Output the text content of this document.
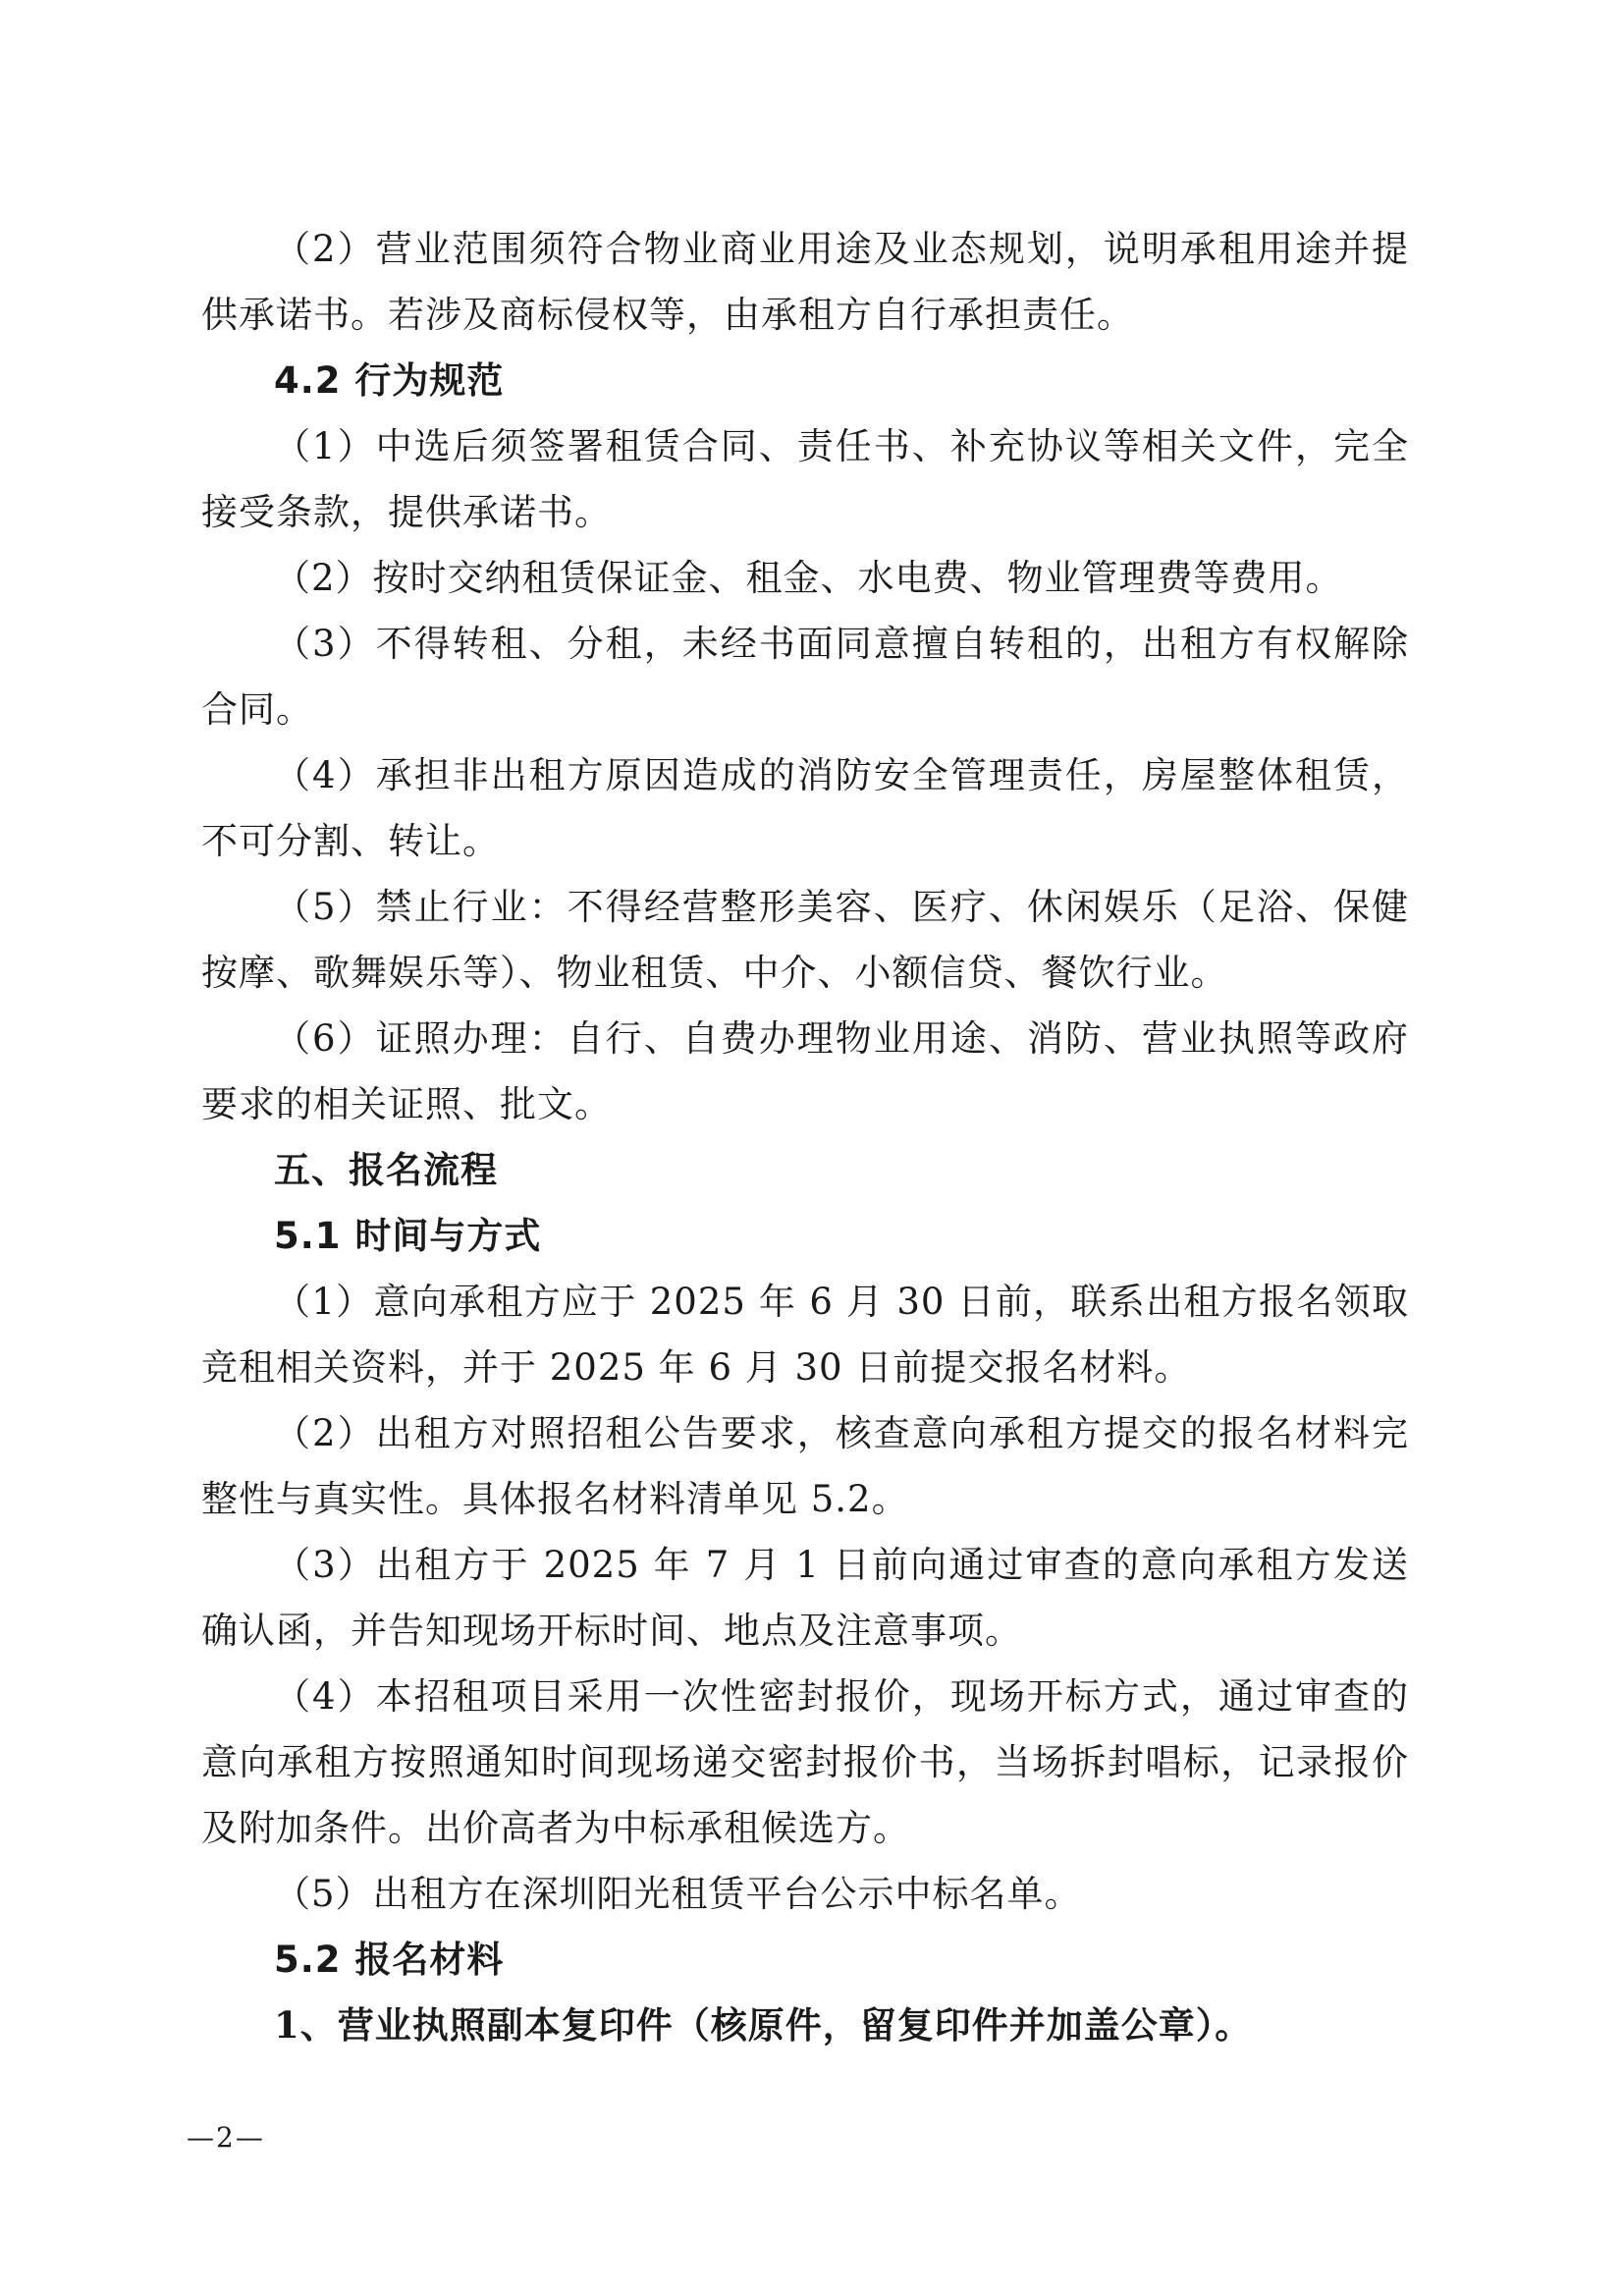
（2）营业范围须符合物业商业用途及业态规划，说明承租用途并提供承诺书。若涉及商标侵权等，由承租方自行承担责任。

4.2 行为规范

（1）中选后须签署租赁合同、责任书、补充协议等相关文件，完全接受条款，提供承诺书。

（2）按时交纳租赁保证金、租金、水电费、物业管理费等费用。

（3）不得转租、分租，未经书面同意擅自转租的，出租方有权解除合同。

（4）承担非出租方原因造成的消防安全管理责任，房屋整体租赁，不可分割、转让。

（5）禁止行业：不得经营整形美容、医疗、休闲娱乐（足浴、保健按摩、歌舞娱乐等）、物业租赁、中介、小额信贷、餐饮行业。

（6）证照办理：自行、自费办理物业用途、消防、营业执照等政府要求的相关证照、批文。

五、报名流程

5.1 时间与方式

（1）意向承租方应于 2025 年 6 月 30 日前，联系出租方报名领取竞租相关资料，并于 2025 年 6 月 30 日前提交报名材料。

（2）出租方对照招租公告要求，核查意向承租方提交的报名材料完整性与真实性。具体报名材料清单见 5.2。

（3）出租方于 2025 年 7 月 1 日前向通过审查的意向承租方发送确认函，并告知现场开标时间、地点及注意事项。

（4）本招租项目采用一次性密封报价，现场开标方式，通过审查的意向承租方按照通知时间现场递交密封报价书，当场拆封唱标，记录报价及附加条件。出价高者为中标承租候选方。

（5）出租方在深圳阳光租赁平台公示中标名单。

5.2 报名材料

1、营业执照副本复印件（核原件，留复印件并加盖公章）。

—2—
